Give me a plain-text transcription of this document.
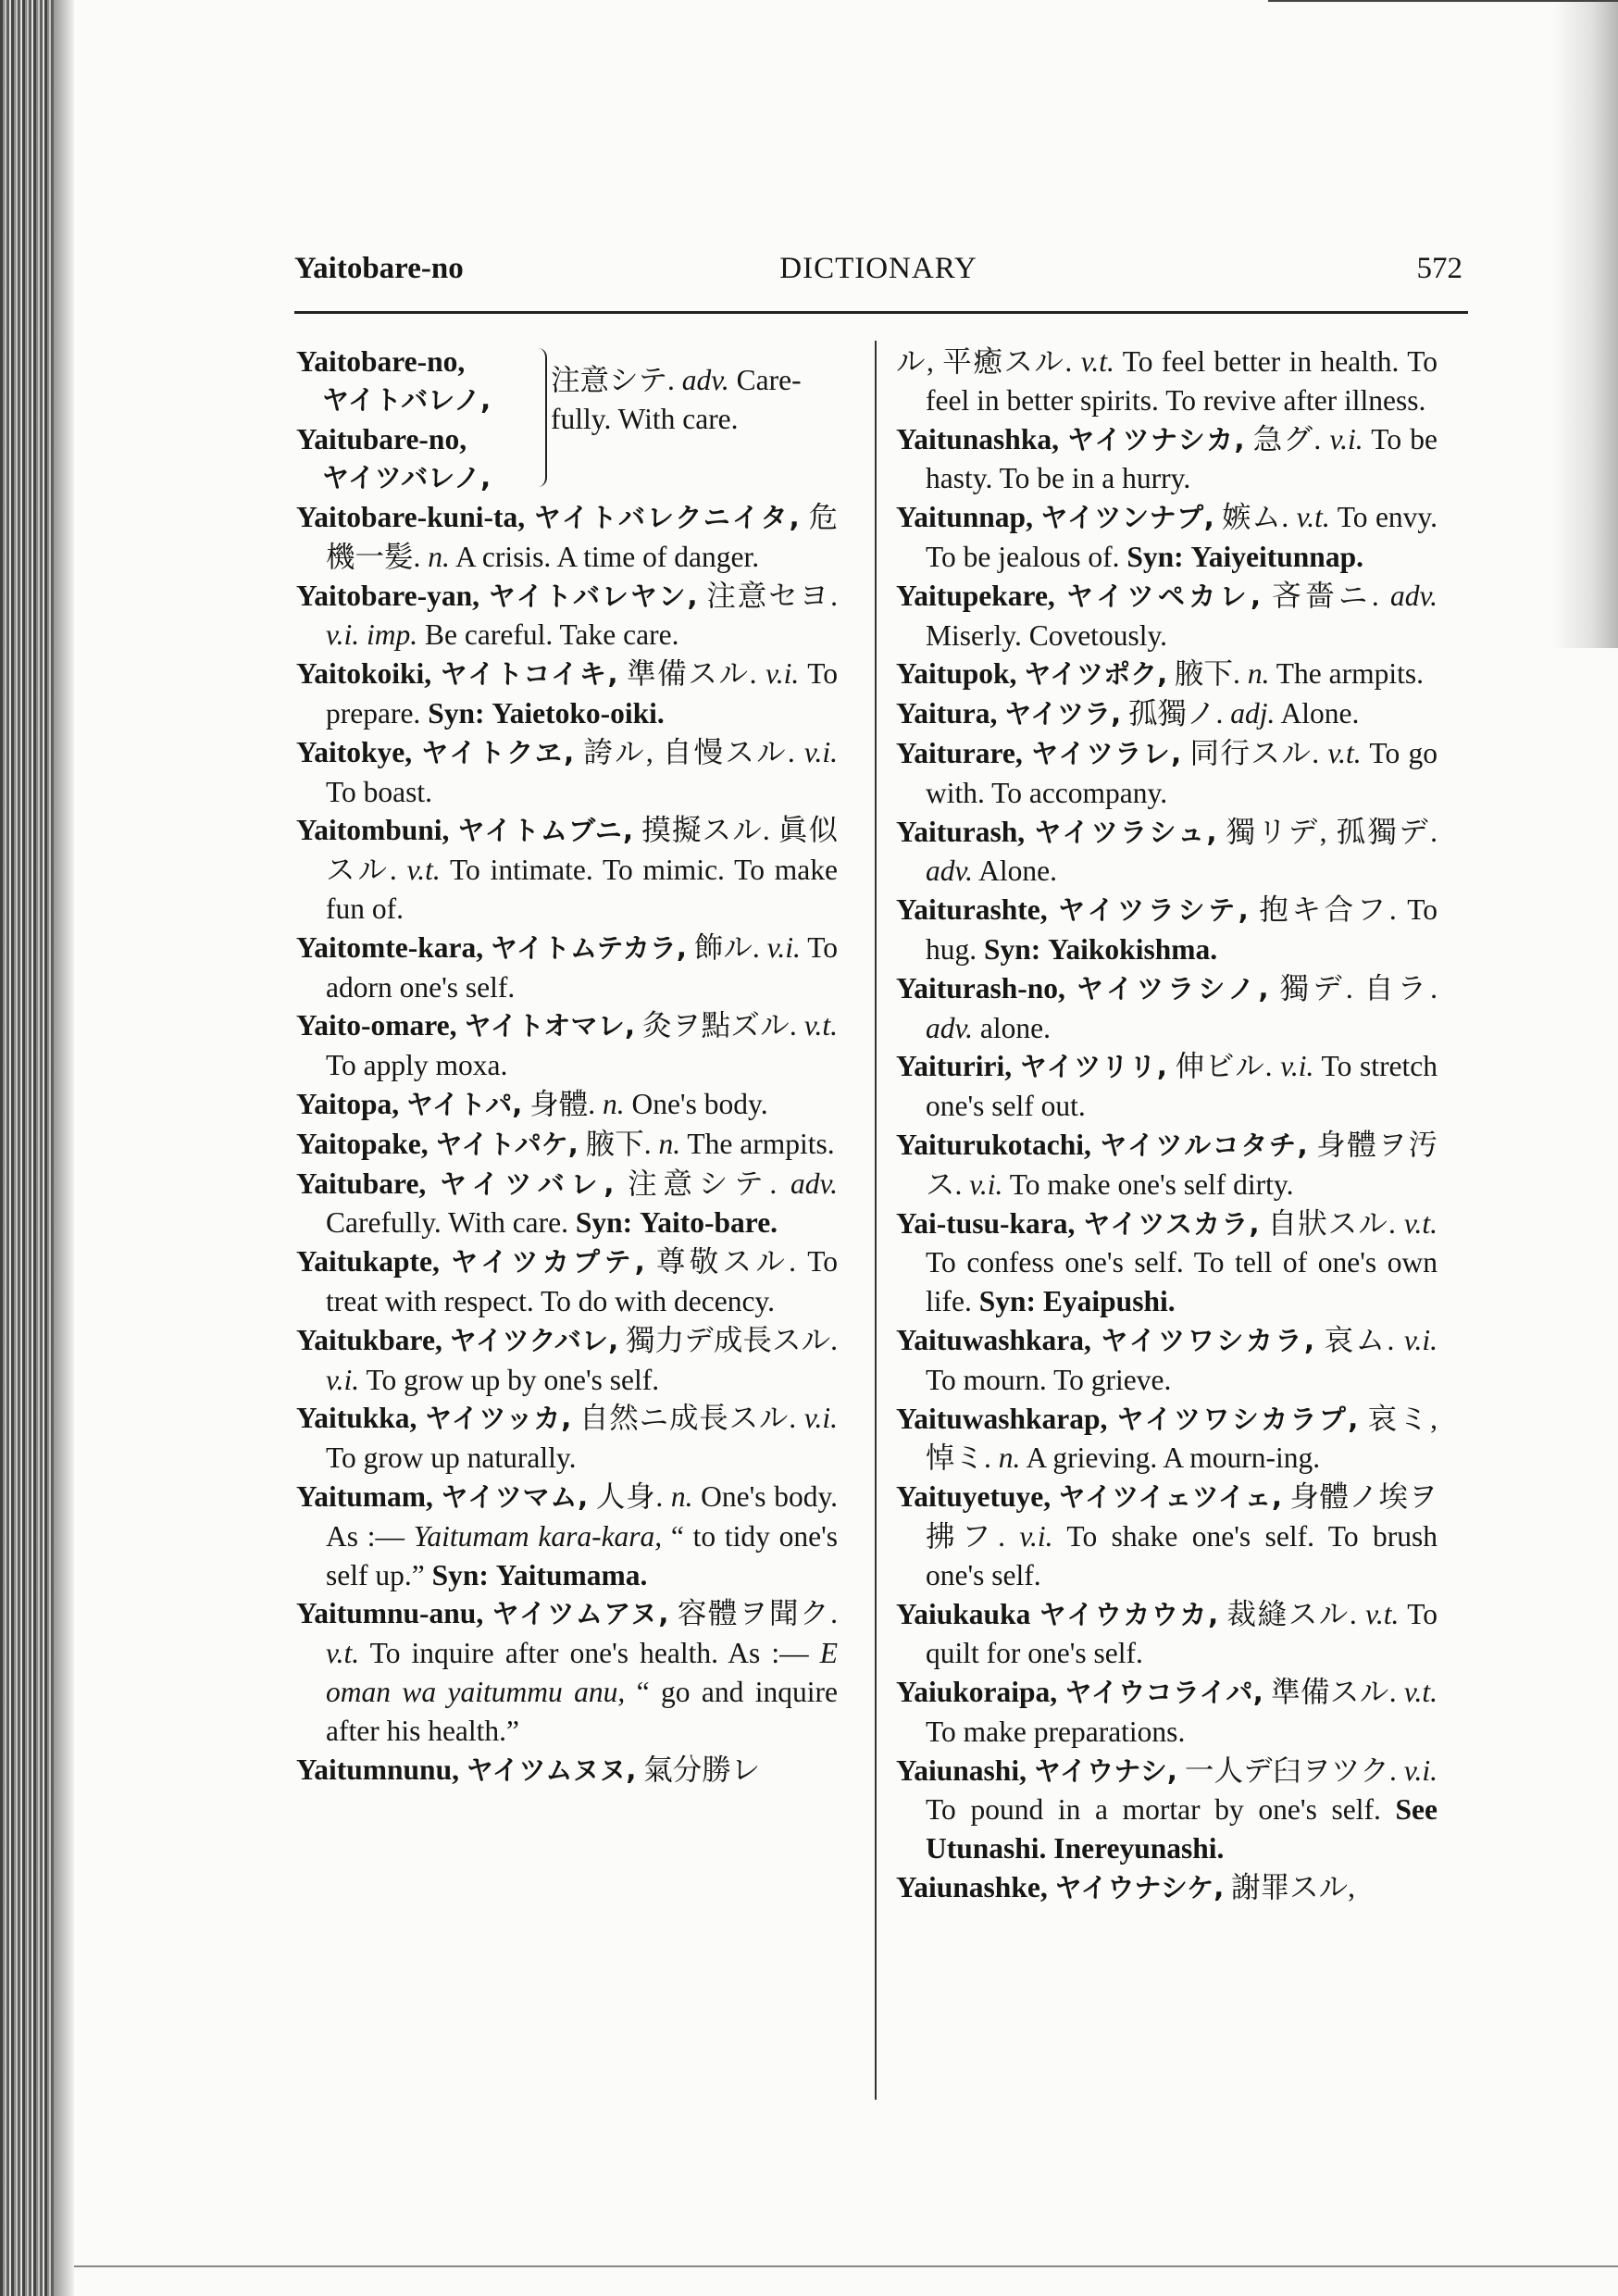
Yaitobare-no	DICTIONARY	572
Yaitobare-no,
ヤイトバレノ,
Yaitubare-no,
ヤイツバレノ,
注意シテ. adv. Care-
fully. With care.

Yaitobare-kuni-ta, ヤイトバレクニイタ, 危機一髪. n. A crisis. A time of danger.

Yaitobare-yan, ヤイトバレヤン, 注意セヨ. v.i. imp. Be careful. Take care.

Yaitokoiki, ヤイトコイキ, 準備スル. v.i. To prepare. Syn: Yaietoko-oiki.

Yaitokye, ヤイトクヱ, 誇ル, 自慢スル. v.i. To boast.

Yaitombuni, ヤイトムブニ, 摸擬スル. 眞似スル. v.t. To intimate. To mimic. To make fun of.

Yaitomte-kara, ヤイトムテカラ, 飾ル. v.i. To adorn one's self.

Yaito-omare, ヤイトオマレ, 灸ヲ點ズル. v.t. To apply moxa.

Yaitopa, ヤイトパ, 身體. n. One's body.

Yaitopake, ヤイトパケ, 腋下. n. The armpits.

Yaitubare, ヤイツバレ, 注意シテ. adv. Carefully. With care. Syn: Yaito-bare.

Yaitukapte, ヤイツカプテ, 尊敬スル. To treat with respect. To do with decency.

Yaitukbare, ヤイツクバレ, 獨力デ成長スル. v.i. To grow up by one's self.

Yaitukka, ヤイツッカ, 自然ニ成長スル. v.i. To grow up naturally.

Yaitumam, ヤイツマム, 人身. n. One's body. As :— Yaitumam kara-kara, “ to tidy one's self up.” Syn: Yaitumama.

Yaitumnu-anu, ヤイツムアヌ, 容體ヲ聞ク. v.t. To inquire after one's health. As :— E oman wa yaitummu anu, “ go and inquire after his health.”

Yaitumnunu, ヤイツムヌヌ, 氣分勝レ

ル, 平癒スル. v.t. To feel better in health. To feel in better spirits. To revive after illness.

Yaitunashka, ヤイツナシカ, 急グ. v.i. To be hasty. To be in a hurry.

Yaitunnap, ヤイツンナプ, 嫉ム. v.t. To envy. To be jealous of. Syn: Yaiyeitunnap.

Yaitupekare, ヤイツペカレ, 吝嗇ニ. adv. Miserly. Covetously.

Yaitupok, ヤイツポク, 腋下. n. The armpits.

Yaitura, ヤイツラ, 孤獨ノ. adj. Alone.

Yaiturare, ヤイツラレ, 同行スル. v.t. To go with. To accompany.

Yaiturash, ヤイツラシュ, 獨リデ, 孤獨デ. adv. Alone.

Yaiturashte, ヤイツラシテ, 抱キ合フ. To hug. Syn: Yaikokishma.

Yaiturash-no, ヤイツラシノ, 獨デ. 自ラ. adv. alone.

Yaituriri, ヤイツリリ, 伸ビル. v.i. To stretch one's self out.

Yaiturukotachi, ヤイツルコタチ, 身體ヲ汚ス. v.i. To make one's self dirty.

Yai-tusu-kara, ヤイツスカラ, 自狀スル. v.t. To confess one's self. To tell of one's own life. Syn: Eyaipushi.

Yaituwashkara, ヤイツワシカラ, 哀ム. v.i. To mourn. To grieve.

Yaituwashkarap, ヤイツワシカラプ, 哀ミ, 悼ミ. n. A grieving. A mourn-ing.

Yaituyetuye, ヤイツイェツイェ, 身體ノ埃ヲ拂フ. v.i. To shake one's self. To brush one's self.

Yaiukauka ヤイウカウカ, 裁縫スル. v.t. To quilt for one's self.

Yaiukoraipa, ヤイウコライパ, 準備スル. v.t. To make preparations.

Yaiunashi, ヤイウナシ, 一人デ臼ヲツク. v.i. To pound in a mortar by one's self. See Utunashi. Inereyunashi.

Yaiunashke, ヤイウナシケ, 謝罪スル,
